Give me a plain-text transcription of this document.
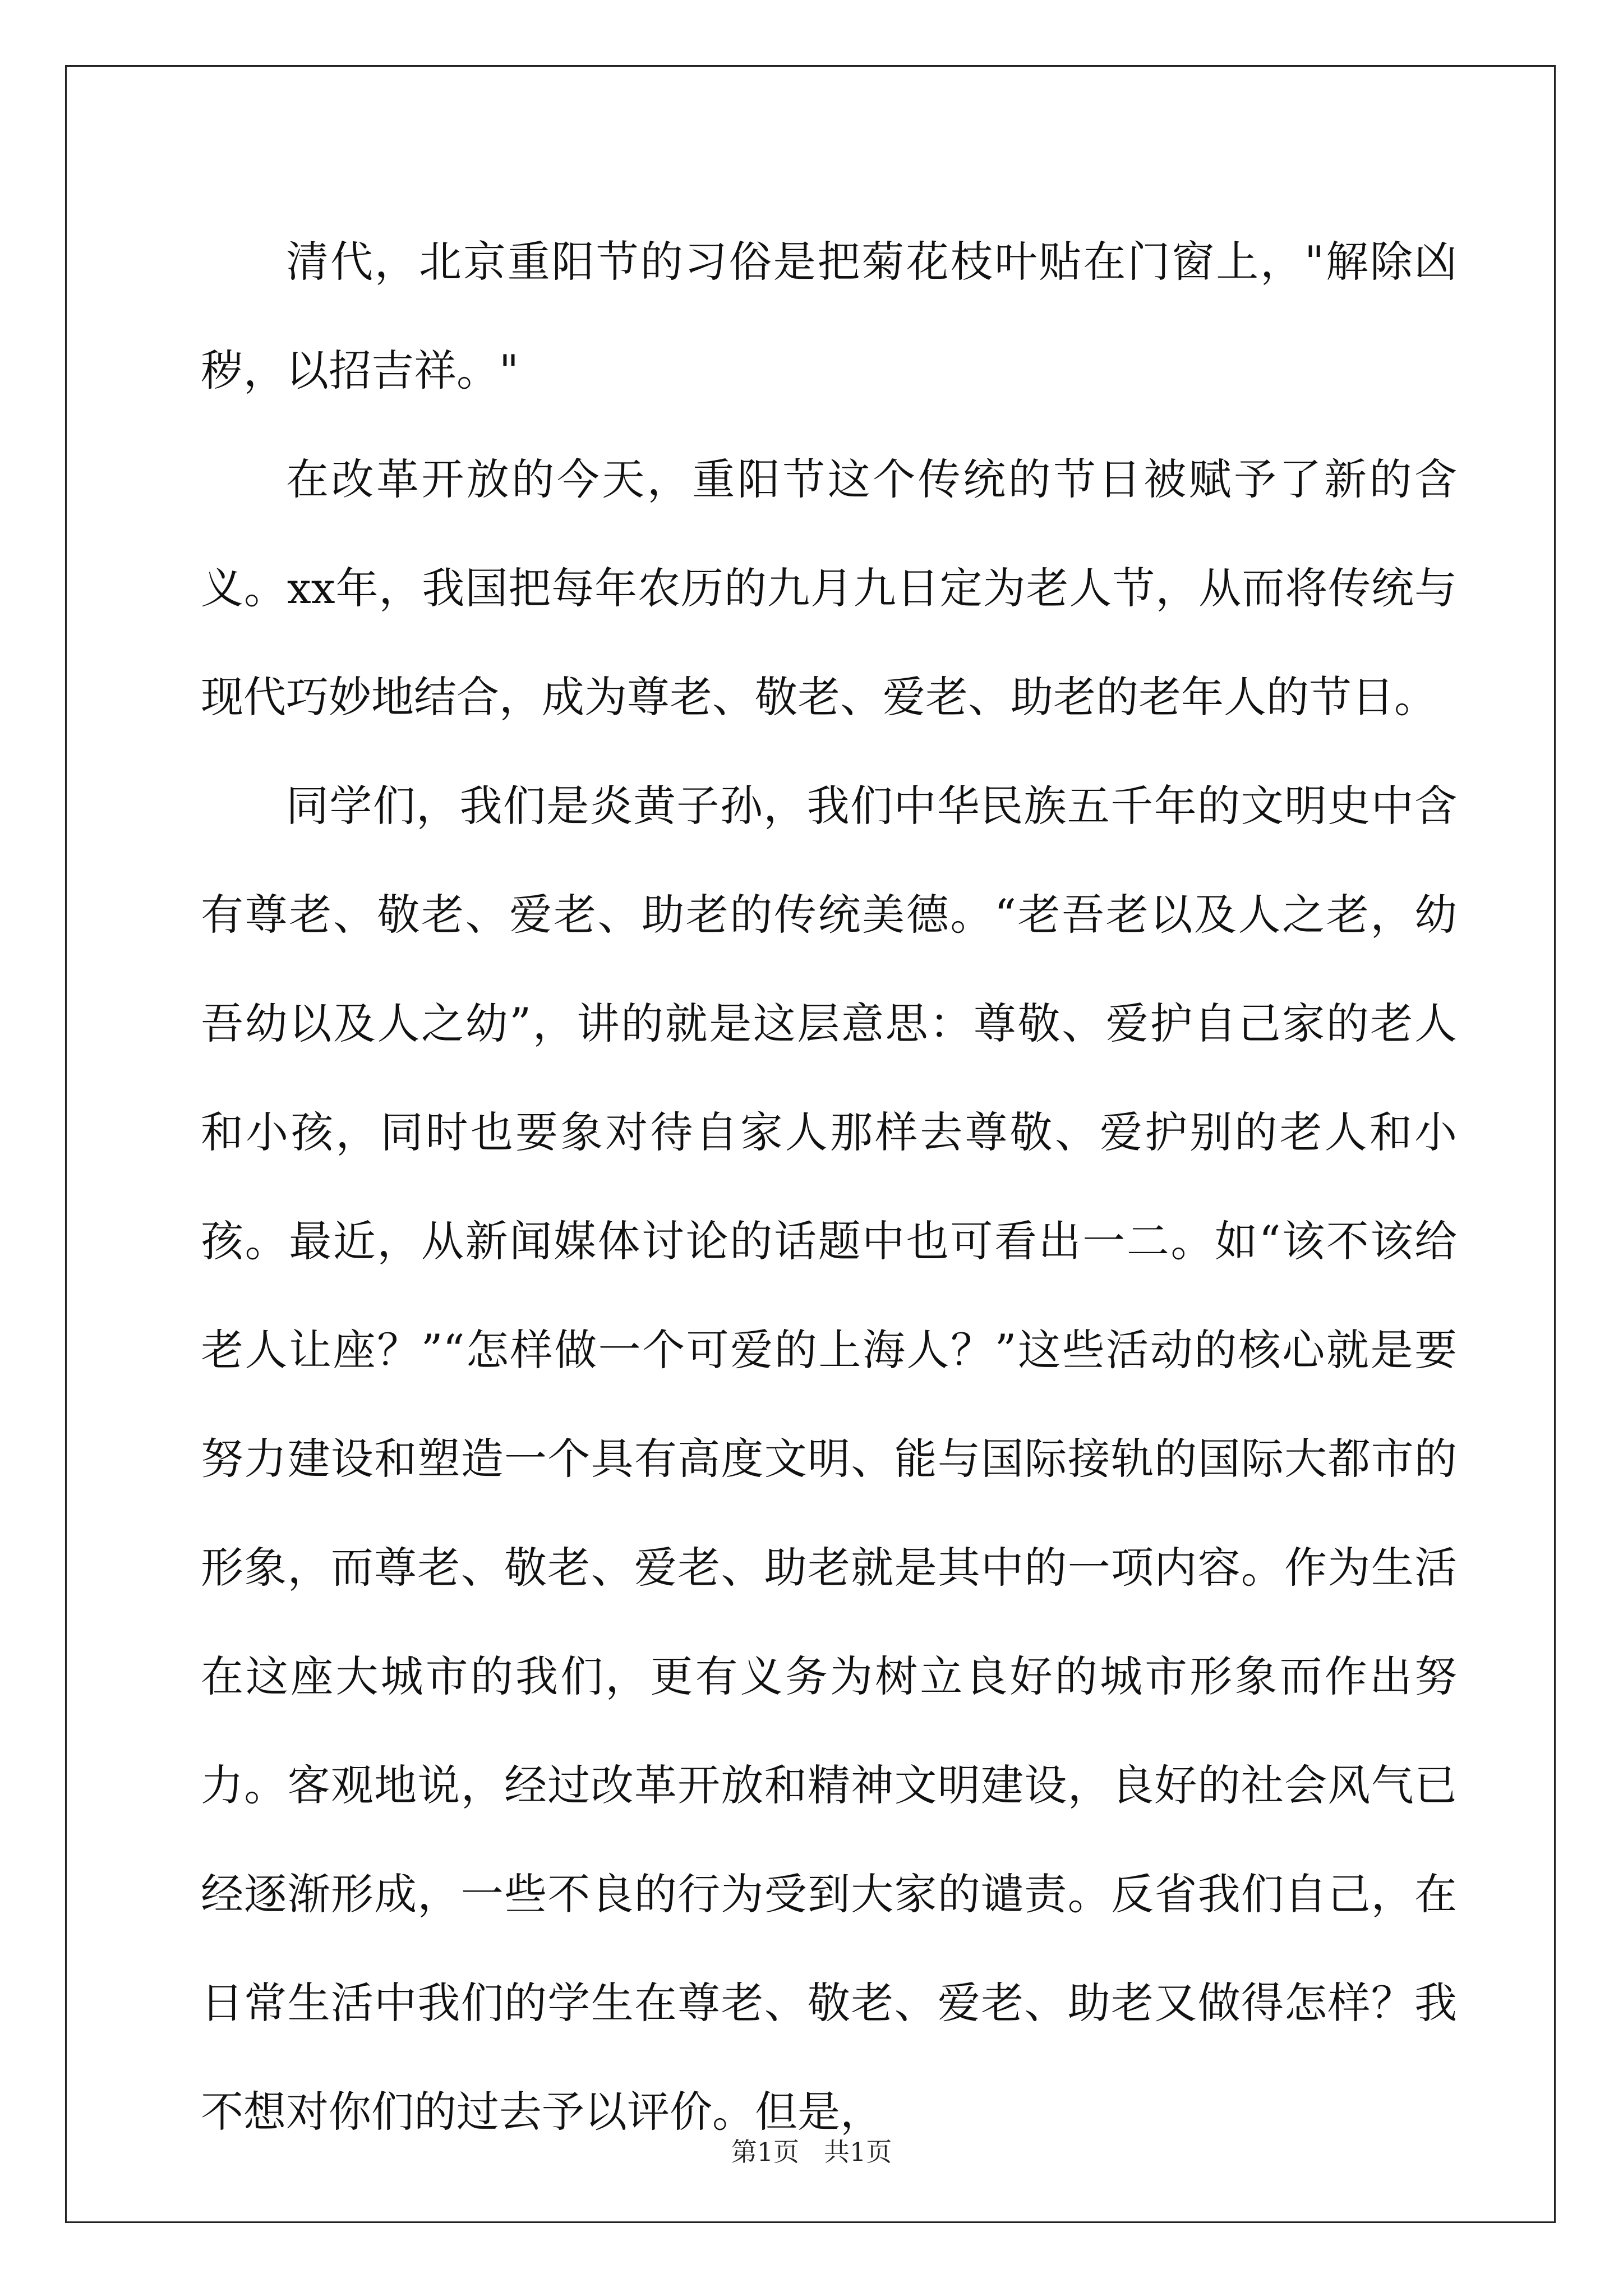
清代，北京重阳节的习俗是把菊花枝叶贴在门窗上，"解除凶秽，以招吉祥。"

在改革开放的今天，重阳节这个传统的节日被赋予了新的含义。xx年，我国把每年农历的九月九日定为老人节，从而将传统与现代巧妙地结合，成为尊老、敬老、爱老、助老的老年人的节日。

同学们，我们是炎黄子孙，我们中华民族五千年的文明史中含有尊老、敬老、爱老、助老的传统美德。“老吾老以及人之老，幼吾幼以及人之幼”，讲的就是这层意思：尊敬、爱护自己家的老人和小孩，同时也要象对待自家人那样去尊敬、爱护别的老人和小孩。最近，从新闻媒体讨论的话题中也可看出一二。如“该不该给老人让座？”“怎样做一个可爱的上海人？”这些活动的核心就是要努力建设和塑造一个具有高度文明、能与国际接轨的国际大都市的形象，而尊老、敬老、爱老、助老就是其中的一项内容。作为生活在这座大城市的我们，更有义务为树立良好的城市形象而作出努力。客观地说，经过改革开放和精神文明建设，良好的社会风气已经逐渐形成，一些不良的行为受到大家的谴责。反省我们自己，在日常生活中我们的学生在尊老、敬老、爱老、助老又做得怎样？我不想对你们的过去予以评价。但是，

第1页 共1页
